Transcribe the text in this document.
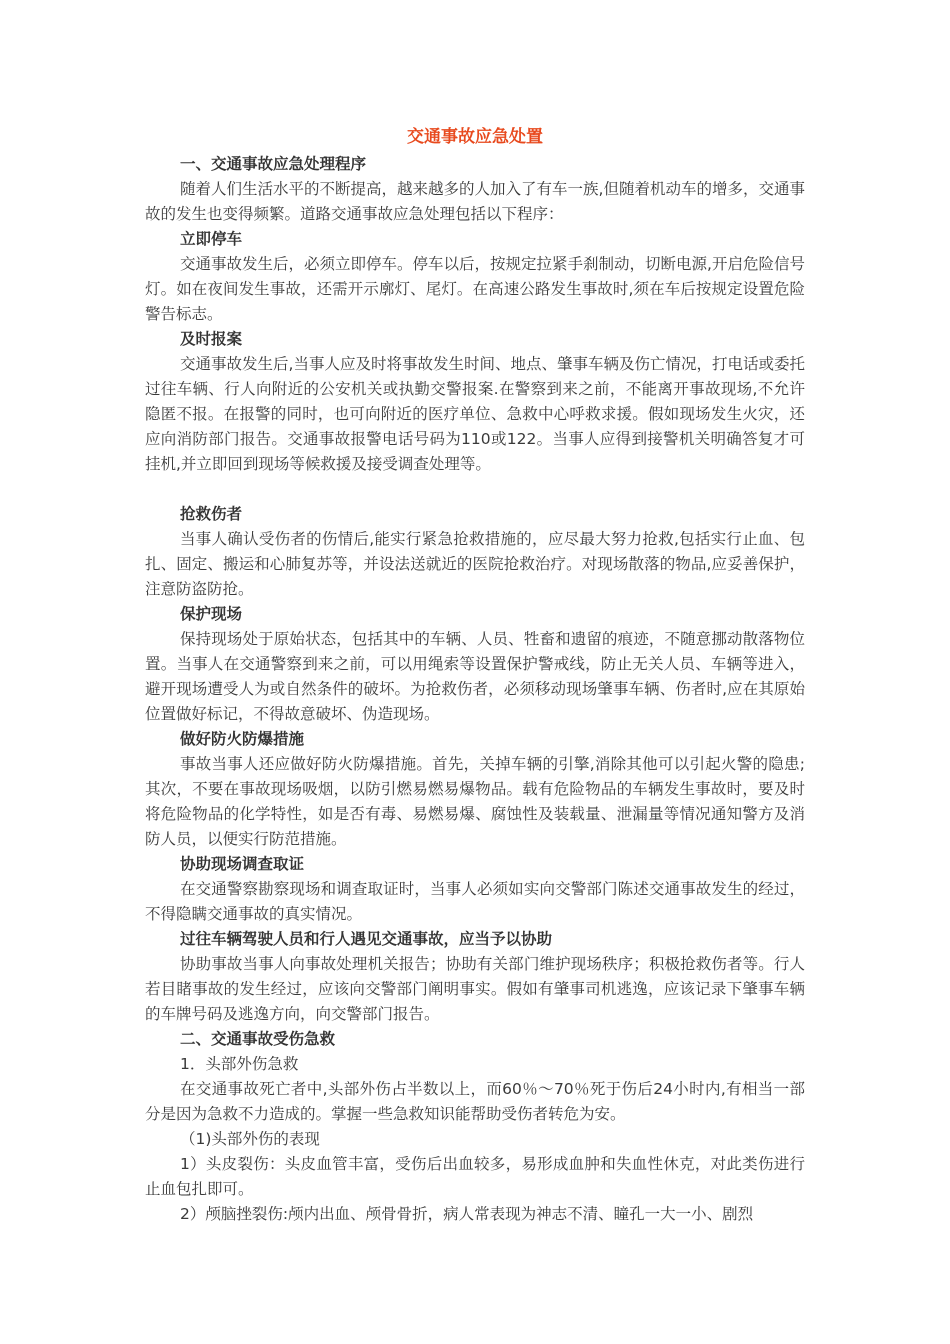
交通事故应急处置

一、交通事故应急处理程序

随着人们生活水平的不断提高，越来越多的人加入了有车一族,但随着机动车的增多，交通事故的发生也变得频繁。道路交通事故应急处理包括以下程序：

立即停车

交通事故发生后，必须立即停车。停车以后，按规定拉紧手刹制动，切断电源,开启危险信号灯。如在夜间发生事故，还需开示廓灯、尾灯。在高速公路发生事故时,须在车后按规定设置危险警告标志。

及时报案

交通事故发生后,当事人应及时将事故发生时间、地点、肇事车辆及伤亡情况，打电话或委托过往车辆、行人向附近的公安机关或执勤交警报案.在警察到来之前，不能离开事故现场,不允许隐匿不报。在报警的同时，也可向附近的医疗单位、急救中心呼救求援。假如现场发生火灾，还应向消防部门报告。交通事故报警电话号码为110或122。当事人应得到接警机关明确答复才可挂机,并立即回到现场等候救援及接受调查处理等。

抢救伤者

当事人确认受伤者的伤情后,能实行紧急抢救措施的，应尽最大努力抢救,包括实行止血、包扎、固定、搬运和心肺复苏等，并设法送就近的医院抢救治疗。对现场散落的物品,应妥善保护，注意防盗防抢。

保护现场

保持现场处于原始状态，包括其中的车辆、人员、牲畜和遗留的痕迹，不随意挪动散落物位置。当事人在交通警察到来之前，可以用绳索等设置保护警戒线，防止无关人员、车辆等进入，避开现场遭受人为或自然条件的破坏。为抢救伤者，必须移动现场肇事车辆、伤者时,应在其原始位置做好标记，不得故意破坏、伪造现场。

做好防火防爆措施

事故当事人还应做好防火防爆措施。首先，关掉车辆的引擎,消除其他可以引起火警的隐患;其次，不要在事故现场吸烟，以防引燃易燃易爆物品。载有危险物品的车辆发生事故时，要及时将危险物品的化学特性，如是否有毒、易燃易爆、腐蚀性及装载量、泄漏量等情况通知警方及消防人员，以便实行防范措施。

协助现场调查取证

在交通警察勘察现场和调查取证时，当事人必须如实向交警部门陈述交通事故发生的经过，不得隐瞒交通事故的真实情况。

过往车辆驾驶人员和行人遇见交通事故，应当予以协助

协助事故当事人向事故处理机关报告；协助有关部门维护现场秩序；积极抢救伤者等。行人若目睹事故的发生经过，应该向交警部门阐明事实。假如有肇事司机逃逸，应该记录下肇事车辆的车牌号码及逃逸方向，向交警部门报告。

二、交通事故受伤急救

1．头部外伤急救

在交通事故死亡者中,头部外伤占半数以上，而60％～70％死于伤后24小时内,有相当一部分是因为急救不力造成的。掌握一些急救知识能帮助受伤者转危为安。

（1)头部外伤的表现

1）头皮裂伤：头皮血管丰富，受伤后出血较多，易形成血肿和失血性休克，对此类伤进行止血包扎即可。

2）颅脑挫裂伤:颅内出血、颅骨骨折，病人常表现为神志不清、瞳孔一大一小、剧烈
